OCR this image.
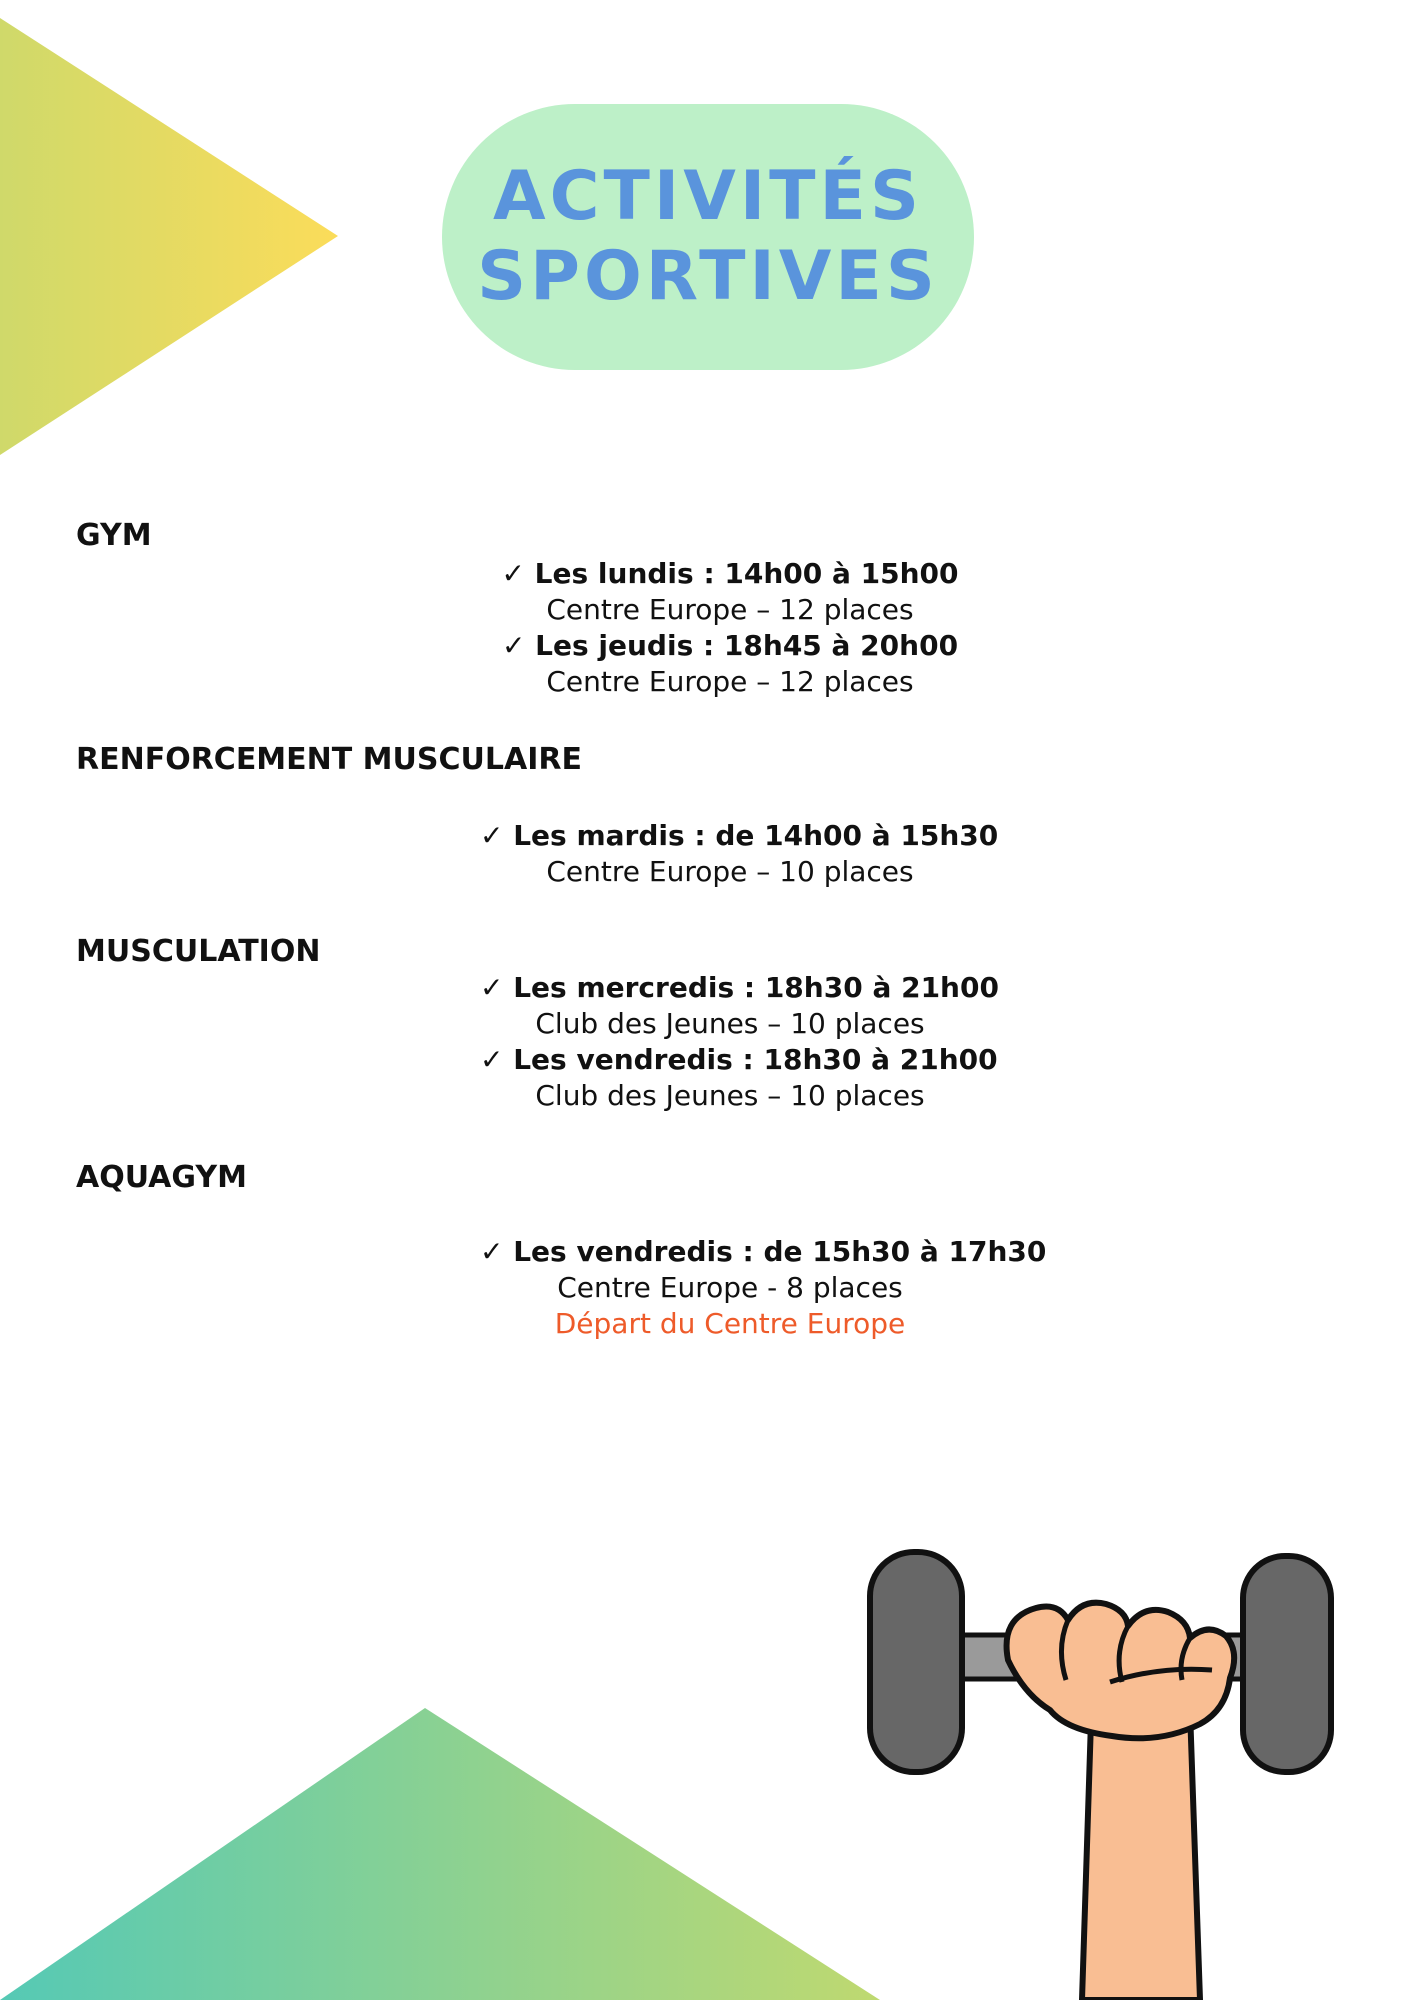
ACTIVITÉS
SPORTIVES
GYM
✓ Les lundis : 14h00 à 15h00
Centre Europe – 12 places
✓ Les jeudis : 18h45 à 20h00
Centre Europe – 12 places
RENFORCEMENT MUSCULAIRE
✓ Les mardis : de 14h00 à 15h30
Centre Europe – 10 places
MUSCULATION
✓ Les mercredis : 18h30 à 21h00
Club des Jeunes – 10 places
✓ Les vendredis : 18h30 à 21h00
Club des Jeunes – 10 places
AQUAGYM
✓ Les vendredis : de 15h30 à 17h30
Centre Europe - 8 places
Départ du Centre Europe
